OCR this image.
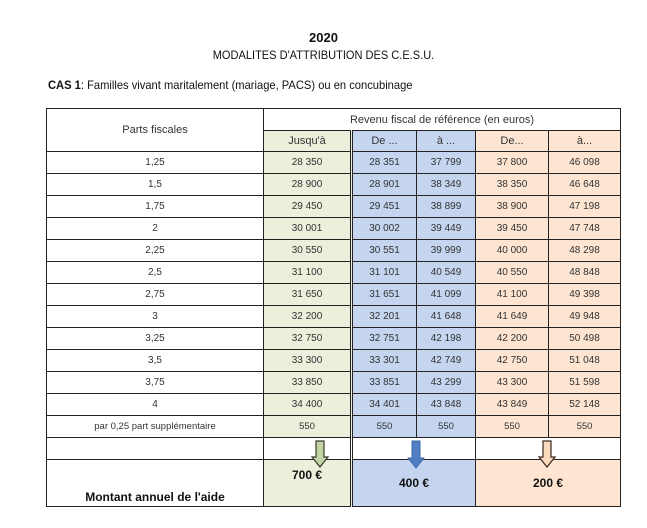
2020
MODALITES D'ATTRIBUTION DES C.E.S.U.
CAS 1: Familles vivant maritalement (mariage, PACS) ou en concubinage
Parts fiscales	Revenu fiscal de référence (en euros)				
	Jusqu'à	De ...	à ...	De...	à...
1,25	28 350	28 351	37 799	37 800	46 098
1,5	28 900	28 901	38 349	38 350	46 648
1,75	29 450	29 451	38 899	38 900	47 198
2	30 001	30 002	39 449	39 450	47 748
2,25	30 550	30 551	39 999	40 000	48 298
2,5	31 100	31 101	40 549	40 550	48 848
2,75	31 650	31 651	41 099	41 100	49 398
3	32 200	32 201	41 648	41 649	49 948
3,25	32 750	32 751	42 198	42 200	50 498
3,5	33 300	33 301	42 749	42 750	51 048
3,75	33 850	33 851	43 299	43 300	51 598
4	34 400	34 401	43 848	43 849	52 148
par 0,25 part supplémentaire	550	550	550	550	550

Montant annuel de l'aide	700 €	400 €		200 €	
